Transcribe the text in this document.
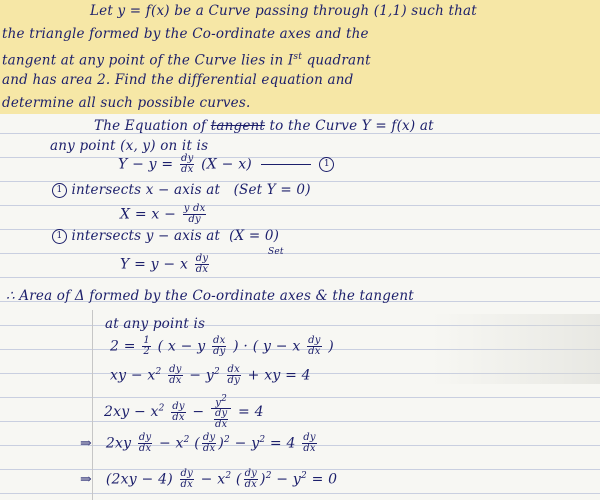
Let y = f(x) be a Curve passing through (1,1) such that
the triangle formed by the Co-ordinate axes and the
tangent at any point of the Curve lies in Ist quadrant
and has area 2. Find the differential equation and
determine all such possible curves.
The Equation of tangent to the Curve Y = f(x) at
any point (x, y) on it is
$Y - y = \frac{dy}{dx} (X - x)$	1
1 intersects x − axis at (Set Y = 0)
$X = x - \frac{\text{y dx}}{dy}$
1 intersects y − axis at (X = 0)
Set
Y = y − x $\frac{dy}{dx}$
∴ Area of Δ formed by the Co-ordinate axes & the tangent
at any point is
$2 = \frac{1}{2}$ ( x − y $\frac{dx}{dy}$ ) · ( y − x $\frac{dy}{dx}$ )
xy − $x^2 \frac{dy}{dx} - y^2 \frac{dx}{dy}$ + xy = 4
$2xy - x^2 \frac{dy}{dx} - \frac{y2}{\frac{dy}{dx}} = 4$
⇒ $2xy \frac{dy}{dx} - x^2$ ( $\frac{dy}{dx} )^2 - y^2 = 4 \frac{dy}{dx}$
⇒ $(2xy - 4) \frac{dy}{dx} - x^2$ ( $\frac{dy}{dx} )^2 - y^2 = 0$
